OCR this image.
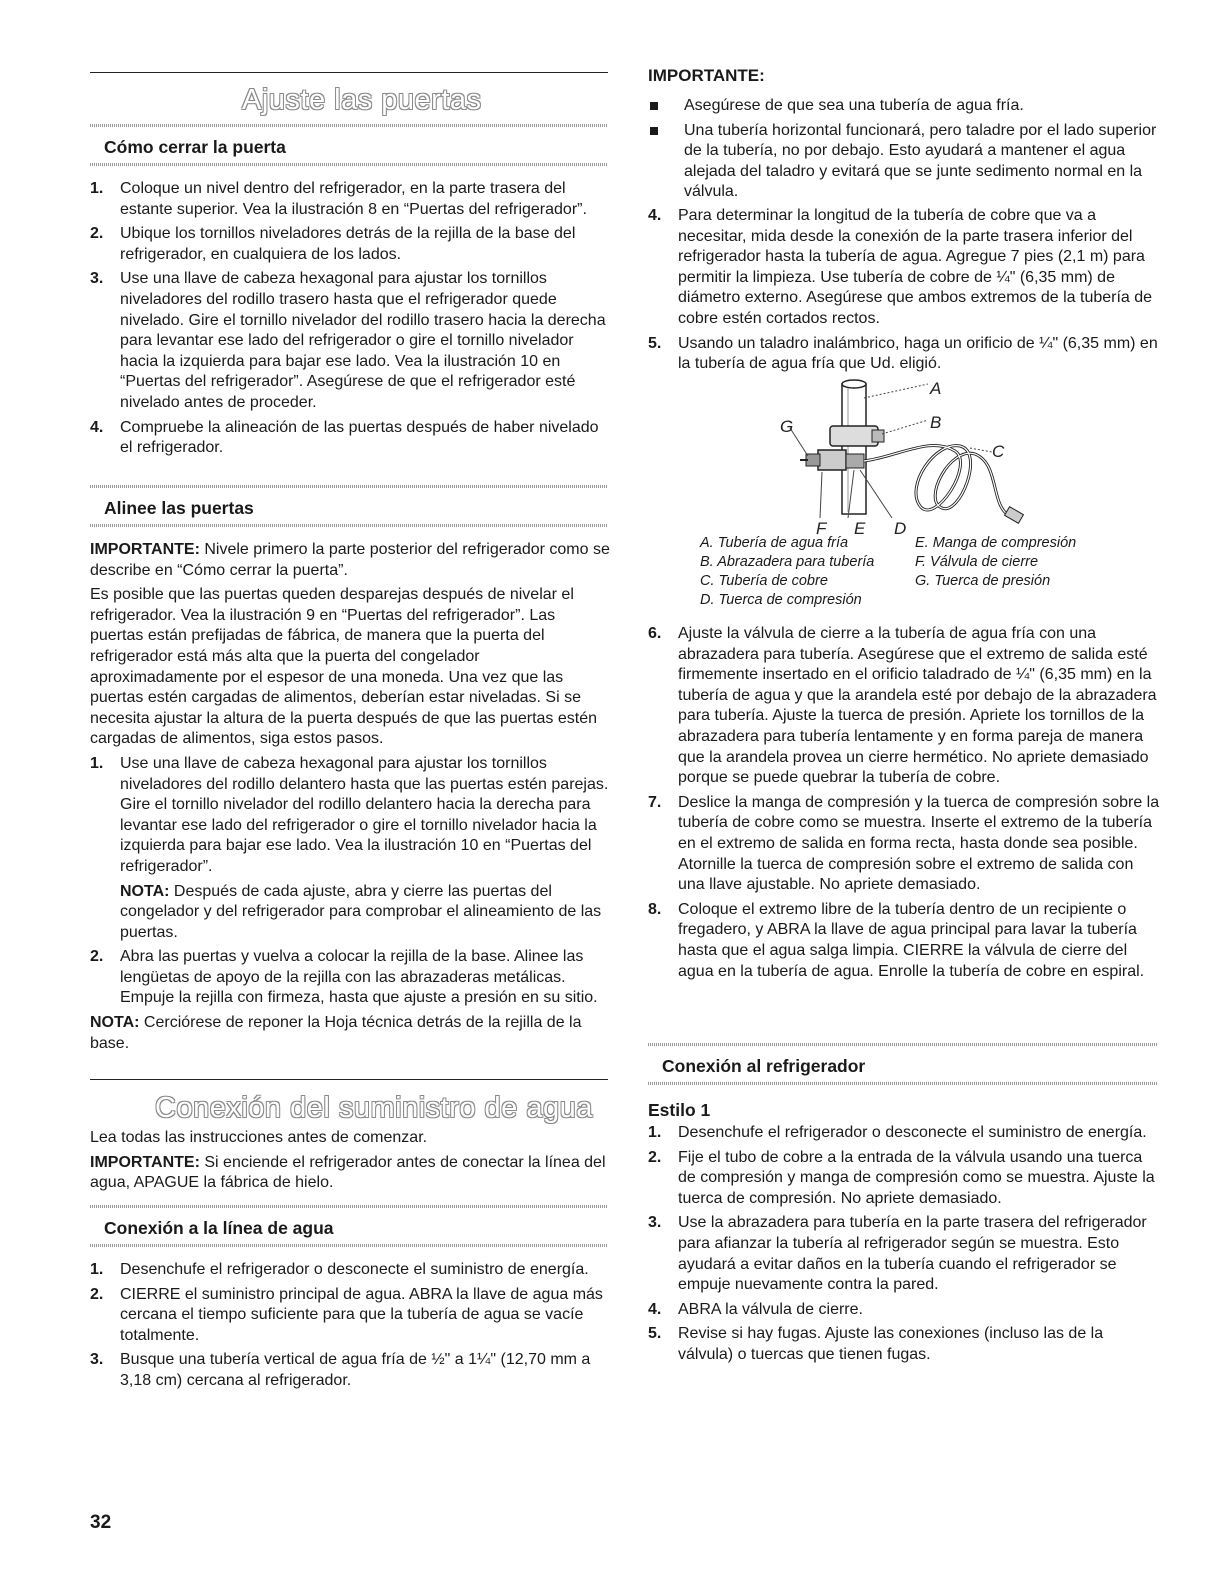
Ajuste las puertas
Cómo cerrar la puerta
1. Coloque un nivel dentro del refrigerador, en la parte trasera del estante superior. Vea la ilustración 8 en “Puertas del refrigerador”.
2. Ubique los tornillos niveladores detrás de la rejilla de la base del refrigerador, en cualquiera de los lados.
3. Use una llave de cabeza hexagonal para ajustar los tornillos niveladores del rodillo trasero hasta que el refrigerador quede nivelado. Gire el tornillo nivelador del rodillo trasero hacia la derecha para levantar ese lado del refrigerador o gire el tornillo nivelador hacia la izquierda para bajar ese lado. Vea la ilustración 10 en “Puertas del refrigerador”. Asegúrese de que el refrigerador esté nivelado antes de proceder.
4. Compruebe la alineación de las puertas después de haber nivelado el refrigerador.
Alinee las puertas

IMPORTANTE: Nivele primero la parte posterior del refrigerador como se describe en “Cómo cerrar la puerta”.

Es posible que las puertas queden desparejas después de nivelar el refrigerador. Vea la ilustración 9 en “Puertas del refrigerador”. Las puertas están prefijadas de fábrica, de manera que la puerta del refrigerador está más alta que la puerta del congelador aproximadamente por el espesor de una moneda. Una vez que las puertas estén cargadas de alimentos, deberían estar niveladas. Si se necesita ajustar la altura de la puerta después de que las puertas estén cargadas de alimentos, siga estos pasos.

1. Use una llave de cabeza hexagonal para ajustar los tornillos niveladores del rodillo delantero hasta que las puertas estén parejas. Gire el tornillo nivelador del rodillo delantero hacia la derecha para levantar ese lado del refrigerador o gire el tornillo nivelador hacia la izquierda para bajar ese lado. Vea la ilustración 10 en “Puertas del refrigerador”.

NOTA: Después de cada ajuste, abra y cierre las puertas del congelador y del refrigerador para comprobar el alineamiento de las puertas.

2. Abra las puertas y vuelva a colocar la rejilla de la base. Alinee las lengüetas de apoyo de la rejilla con las abrazaderas metálicas. Empuje la rejilla con firmeza, hasta que ajuste a presión en su sitio.

NOTA: Cerciórese de reponer la Hoja técnica detrás de la rejilla de la base.

Conexión del suministro de agua

Lea todas las instrucciones antes de comenzar.

IMPORTANTE: Si enciende el refrigerador antes de conectar la línea del agua, APAGUE la fábrica de hielo.

Conexión a la línea de agua
1. Desenchufe el refrigerador o desconecte el suministro de energía.
2. CIERRE el suministro principal de agua. ABRA la llave de agua más cercana el tiempo suficiente para que la tubería de agua se vacíe totalmente.
3. Busque una tubería vertical de agua fría de ½" a 1¼" (12,70 mm a 3,18 cm) cercana al refrigerador.
IMPORTANTE:
Asegúrese de que sea una tubería de agua fría.
Una tubería horizontal funcionará, pero taladre por el lado superior de la tubería, no por debajo. Esto ayudará a mantener el agua alejada del taladro y evitará que se junte sedimento normal en la válvula.
4. Para determinar la longitud de la tubería de cobre que va a necesitar, mida desde la conexión de la parte trasera inferior del refrigerador hasta la tubería de agua. Agregue 7 pies (2,1 m) para permitir la limpieza. Use tubería de cobre de ¼" (6,35 mm) de diámetro externo. Asegúrese que ambos extremos de la tubería de cobre estén cortados rectos.
5. Usando un taladro inalámbrico, haga un orificio de ¼" (6,35 mm) en la tubería de agua fría que Ud. eligió.
A
B
C
D
E
F
G
A. Tubería de agua fría
B. Abrazadera para tubería
C. Tubería de cobre
D. Tuerca de compresión
E. Manga de compresión
F. Válvula de cierre
G. Tuerca de presión
6. Ajuste la válvula de cierre a la tubería de agua fría con una abrazadera para tubería. Asegúrese que el extremo de salida esté firmemente insertado en el orificio taladrado de ¼" (6,35 mm) en la tubería de agua y que la arandela esté por debajo de la abrazadera para tubería. Ajuste la tuerca de presión. Apriete los tornillos de la abrazadera para tubería lentamente y en forma pareja de manera que la arandela provea un cierre hermético. No apriete demasiado porque se puede quebrar la tubería de cobre.
7. Deslice la manga de compresión y la tuerca de compresión sobre la tubería de cobre como se muestra. Inserte el extremo de la tubería en el extremo de salida en forma recta, hasta donde sea posible. Atornille la tuerca de compresión sobre el extremo de salida con una llave ajustable. No apriete demasiado.
8. Coloque el extremo libre de la tubería dentro de un recipiente o fregadero, y ABRA la llave de agua principal para lavar la tubería hasta que el agua salga limpia. CIERRE la válvula de cierre del agua en la tubería de agua. Enrolle la tubería de cobre en espiral.
Conexión al refrigerador
Estilo 1
1. Desenchufe el refrigerador o desconecte el suministro de energía.
2. Fije el tubo de cobre a la entrada de la válvula usando una tuerca de compresión y manga de compresión como se muestra. Ajuste la tuerca de compresión. No apriete demasiado.
3. Use la abrazadera para tubería en la parte trasera del refrigerador para afianzar la tubería al refrigerador según se muestra. Esto ayudará a evitar daños en la tubería cuando el refrigerador se empuje nuevamente contra la pared.
4. ABRA la válvula de cierre.
5. Revise si hay fugas. Ajuste las conexiones (incluso las de la válvula) o tuercas que tienen fugas.
32
